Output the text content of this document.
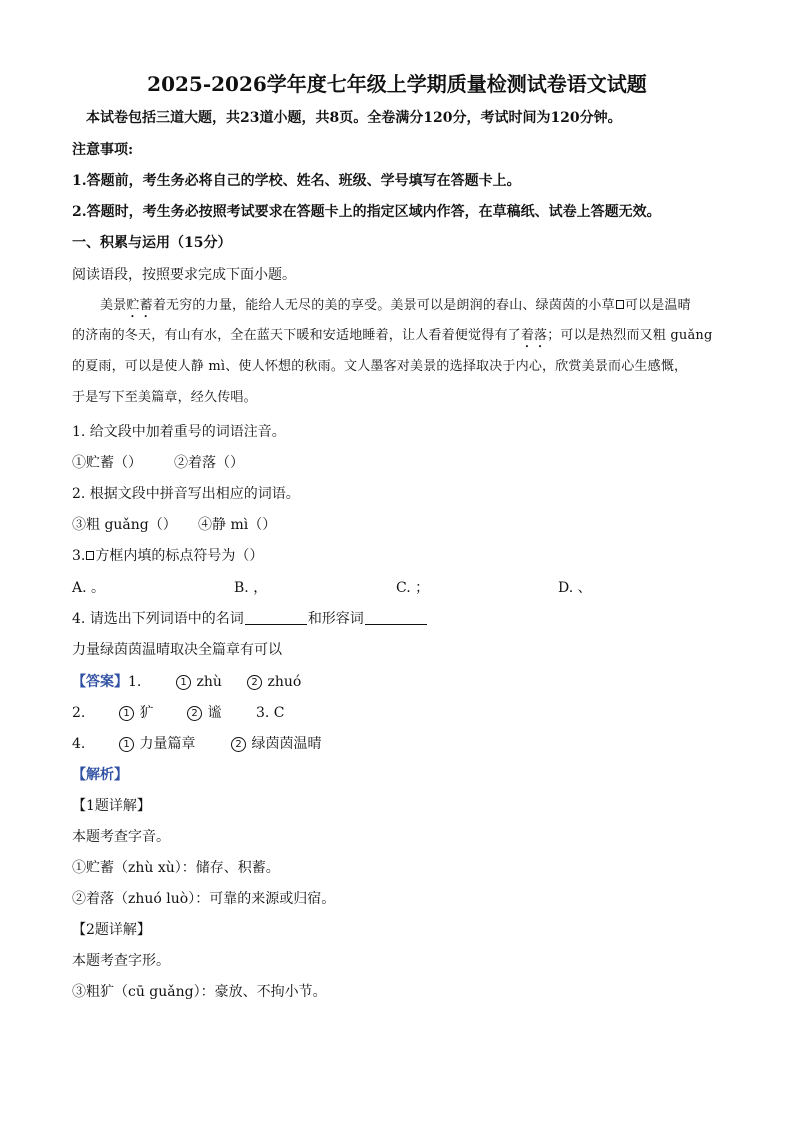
2025-2026学年度七年级上学期质量检测试卷语文试题
本试卷包括三道大题，共23道小题，共8页。全卷满分120分，考试时间为120分钟。
注意事项:
1.答题前，考生务必将自己的学校、姓名、班级、学号填写在答题卡上。
2.答题时，考生务必按照考试要求在答题卡上的指定区域内作答，在草稿纸、试卷上答题无效。
一、积累与运用（15分）
阅读语段，按照要求完成下面小题。
美景贮蓄着无穷的力量，能给人无尽的美的享受。美景可以是朗润的春山、绿茵茵的小草 可以是温晴
的济南的冬天，有山有水，全在蓝天下暖和安适地睡着，让人看着便觉得有了着落；可以是热烈而又粗 guǎng
的夏雨，可以是使人静 mì、使人怀想的秋雨。文人墨客对美景的选择取决于内心，欣赏美景而心生感慨，
于是写下至美篇章，经久传唱。
1. 给文段中加着重号的词语注音。
①贮蓄（）	②着落（）
2. 根据文段中拼音写出相应的词语。
③粗 guǎng（）	④静 mì（）
3. 方框内填的标点符号为（）
A. 。	B. ，	C. ；	D. 、
4. 请选出下列词语中的名词	和形容词
力量绿茵茵温晴取决全篇章有可以
【答案】 1.	1 zhù	2 zhuó
2.	1 犷	2 谧	3. C
4.	1 力量篇章	2 绿茵茵温晴
【解析】
【1题详解】
本题考查字音。
①贮蓄（zhù xù）：储存、积蓄。
②着落（zhuó luò）：可靠的来源或归宿。
【2题详解】
本题考查字形。
③粗犷（cū guǎng）：豪放、不拘小节。
